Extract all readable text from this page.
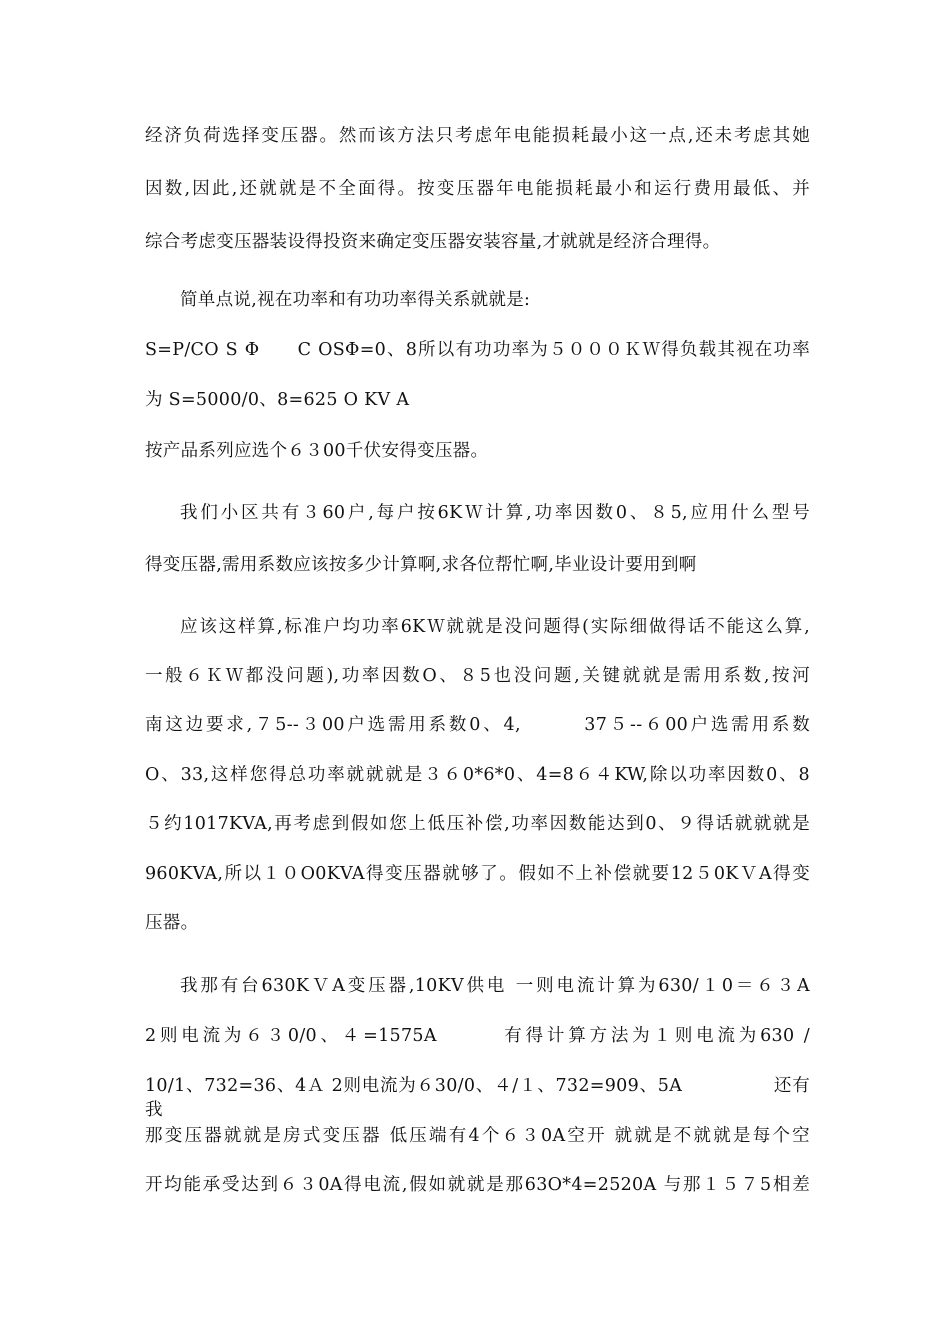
经济负荷选择变压器。然而该方法只考虑年电能损耗最小这一点,还未考虑其她
因数,因此,还就就是不全面得。按变压器年电能损耗最小和运行费用最低、并
综合考虑变压器装设得投资来确定变压器安装容量,才就就是经济合理得。
简单点说,视在功率和有功功率得关系就就是:
S=P/CO S Φ　　C OSΦ=0、8所以有功功率为５０００ＫＷ得负载其视在功率
为 S=5000/0、8=625 O KV A
按产品系列应选个６３00千伏安得变压器。
我们小区共有３60户,每户按6KＷ计算,功率因数0、８5,应用什么型号
得变压器,需用系数应该按多少计算啊,求各位帮忙啊,毕业设计要用到啊
应该这样算,标准户均功率6KＷ就就是没问题得(实际细做得话不能这么算,
一般６ＫＷ都没问题),功率因数O、８5也没问题,关键就就是需用系数,按河
南这边要求,７5--３00户选需用系数0、4,　　　37５--６00户选需用系数
O、33,这样您得总功率就就就是３６0*6*0、4=8６４KW,除以功率因数0、8
５约1017KVA,再考虑到假如您上低压补偿,功率因数能达到0、９得话就就就是
960KVA,所以１０О0KVA得变压器就够了。假如不上补偿就要12５0KＶA得变
压器。
我那有台630KＶA变压器,10KV供电 一则电流计算为630/１0＝６３A
2则电流为６３0/0、４=1575A　　　有得计算方法为１则电流为630 /
10/1、732=36、4Ａ 2则电流为６30/0、４/１、732=909、5A　　　　　还有我
那变压器就就是房式变压器 低压端有4个６３0A空开 就就是不就就是每个空
开均能承受达到６３0A得电流,假如就就是那63O*4=2520A 与那１５７5相差
